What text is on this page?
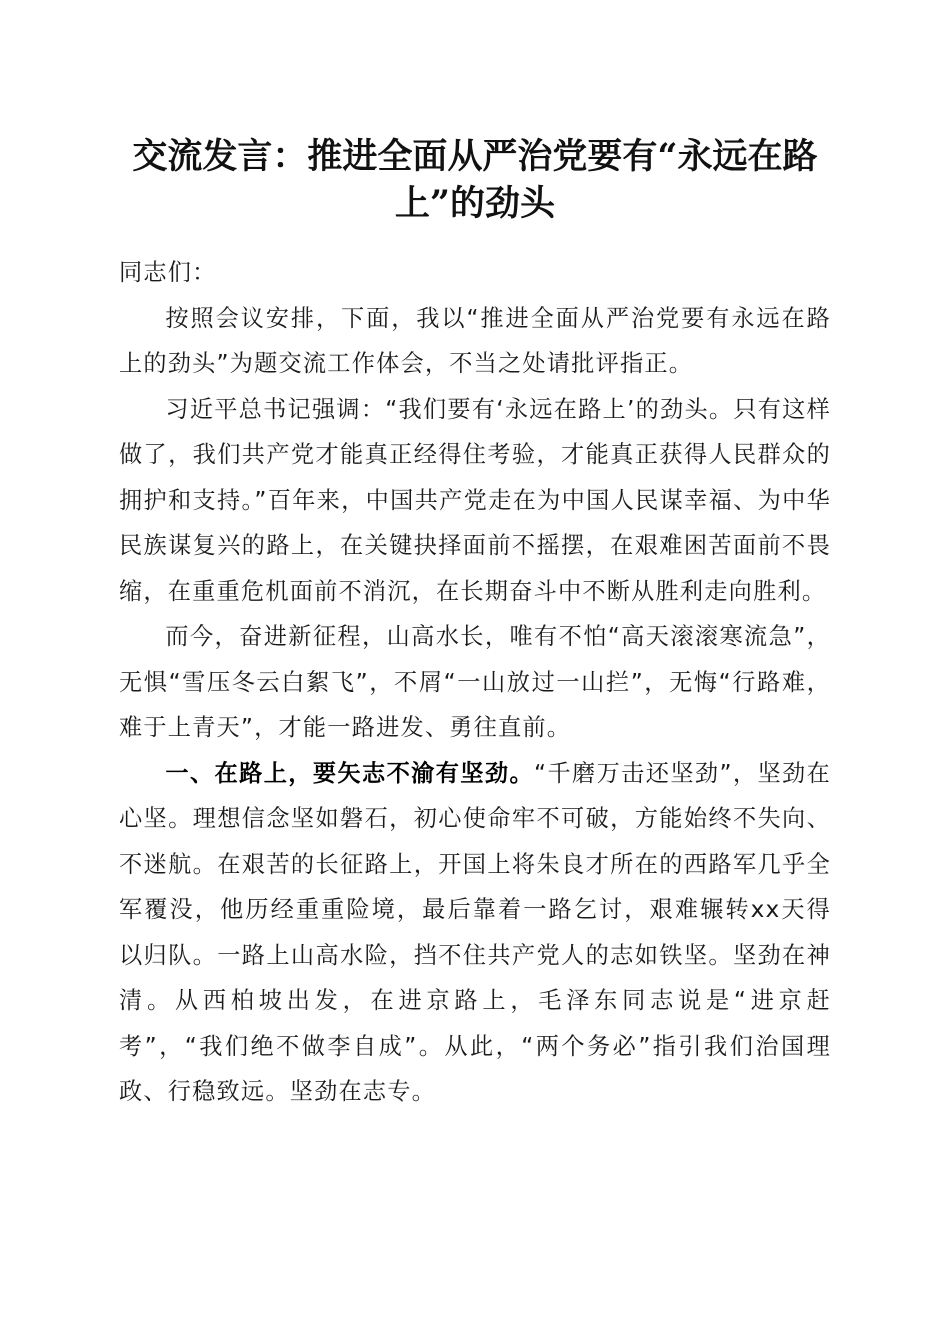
交流发言：推进全面从严治党要有“永远在路上”的劲头

同志们：

按照会议安排，下面，我以“推进全面从严治党要有永远在路上的劲头”为题交流工作体会，不当之处请批评指正。

习近平总书记强调：“我们要有‘永远在路上’的劲头。只有这样做了，我们共产党才能真正经得住考验，才能真正获得人民群众的拥护和支持。”百年来，中国共产党走在为中国人民谋幸福、为中华民族谋复兴的路上，在关键抉择面前不摇摆，在艰难困苦面前不畏缩，在重重危机面前不消沉，在长期奋斗中不断从胜利走向胜利。

而今，奋进新征程，山高水长，唯有不怕“高天滚滚寒流急”，无惧“雪压冬云白絮飞”，不屑“一山放过一山拦”，无悔“行路难，难于上青天”，才能一路进发、勇往直前。

一、在路上，要矢志不渝有坚劲。“千磨万击还坚劲”，坚劲在心坚。理想信念坚如磐石，初心使命牢不可破，方能始终不失向、不迷航。在艰苦的长征路上，开国上将朱良才所在的西路军几乎全军覆没，他历经重重险境，最后靠着一路乞讨，艰难辗转xx天得以归队。一路上山高水险，挡不住共产党人的志如铁坚。坚劲在神清。从西柏坡出发，在进京路上，毛泽东同志说是“进京赶考”，“我们绝不做李自成”。从此，“两个务必”指引我们治国理政、行稳致远。坚劲在志专。
